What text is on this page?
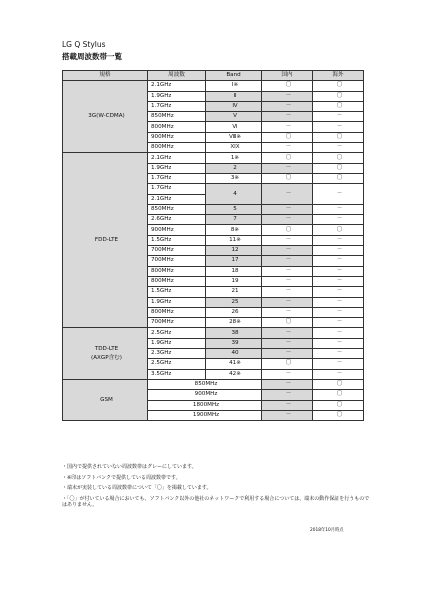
LG Q Stylus
搭載周波数帯一覧
規格	周波数	Band	国内	海外

3G(W-CDMA)	2.1GHz	I※	〇	〇
	1.9GHz	Ⅱ	－	〇
	1.7GHz	Ⅳ	－	〇
	850MHz	Ⅴ	－	－
	800MHz	Ⅵ	－	－
	900MHz	Ⅷ※	〇	〇
	800MHz	XIX	－	－

FDD-LTE	2.1GHz	1※	〇	〇
	1.9GHz	2	－	〇
	1.7GHz	3※	〇	〇
	1.7GHz	4	－	－
	2.1GHz			
	850MHz	5	－	－
	2.6GHz	7	－	－
	900MHz	8※	〇	〇
	1.5GHz	11※	－	－
	700MHz	12	－	－
	700MHz	17	－	－
	800MHz	18	－	－
	800MHz	19	－	－
	1.5GHz	21	－	－
	1.9GHz	25	－	－
	800MHz	26	－	－
	700MHz	28※	〇	－

TDD-LTE
(AXGP含む)	2.5GHz	38	－	－
	1.9GHz	39	－	－
	2.3GHz	40	－	－
	2.5GHz	41※	〇	－
	3.5GHz	42※	－	－

GSM	850MHz		－	〇
	900MHz		－	〇
	1800MHz		－	〇
	1900MHz		－	〇

・国内で提供されていない周波数帯はグレーにしています。

・※印はソフトバンクで提供している周波数帯です。

・端末が実装している周波数帯について「〇」を掲載しています。

・「〇」が付いている場合においても、ソフトバンク以外の他社のネットワークで利用する場合については、端末の動作保証を行うものではありません。

2018年10月時点
